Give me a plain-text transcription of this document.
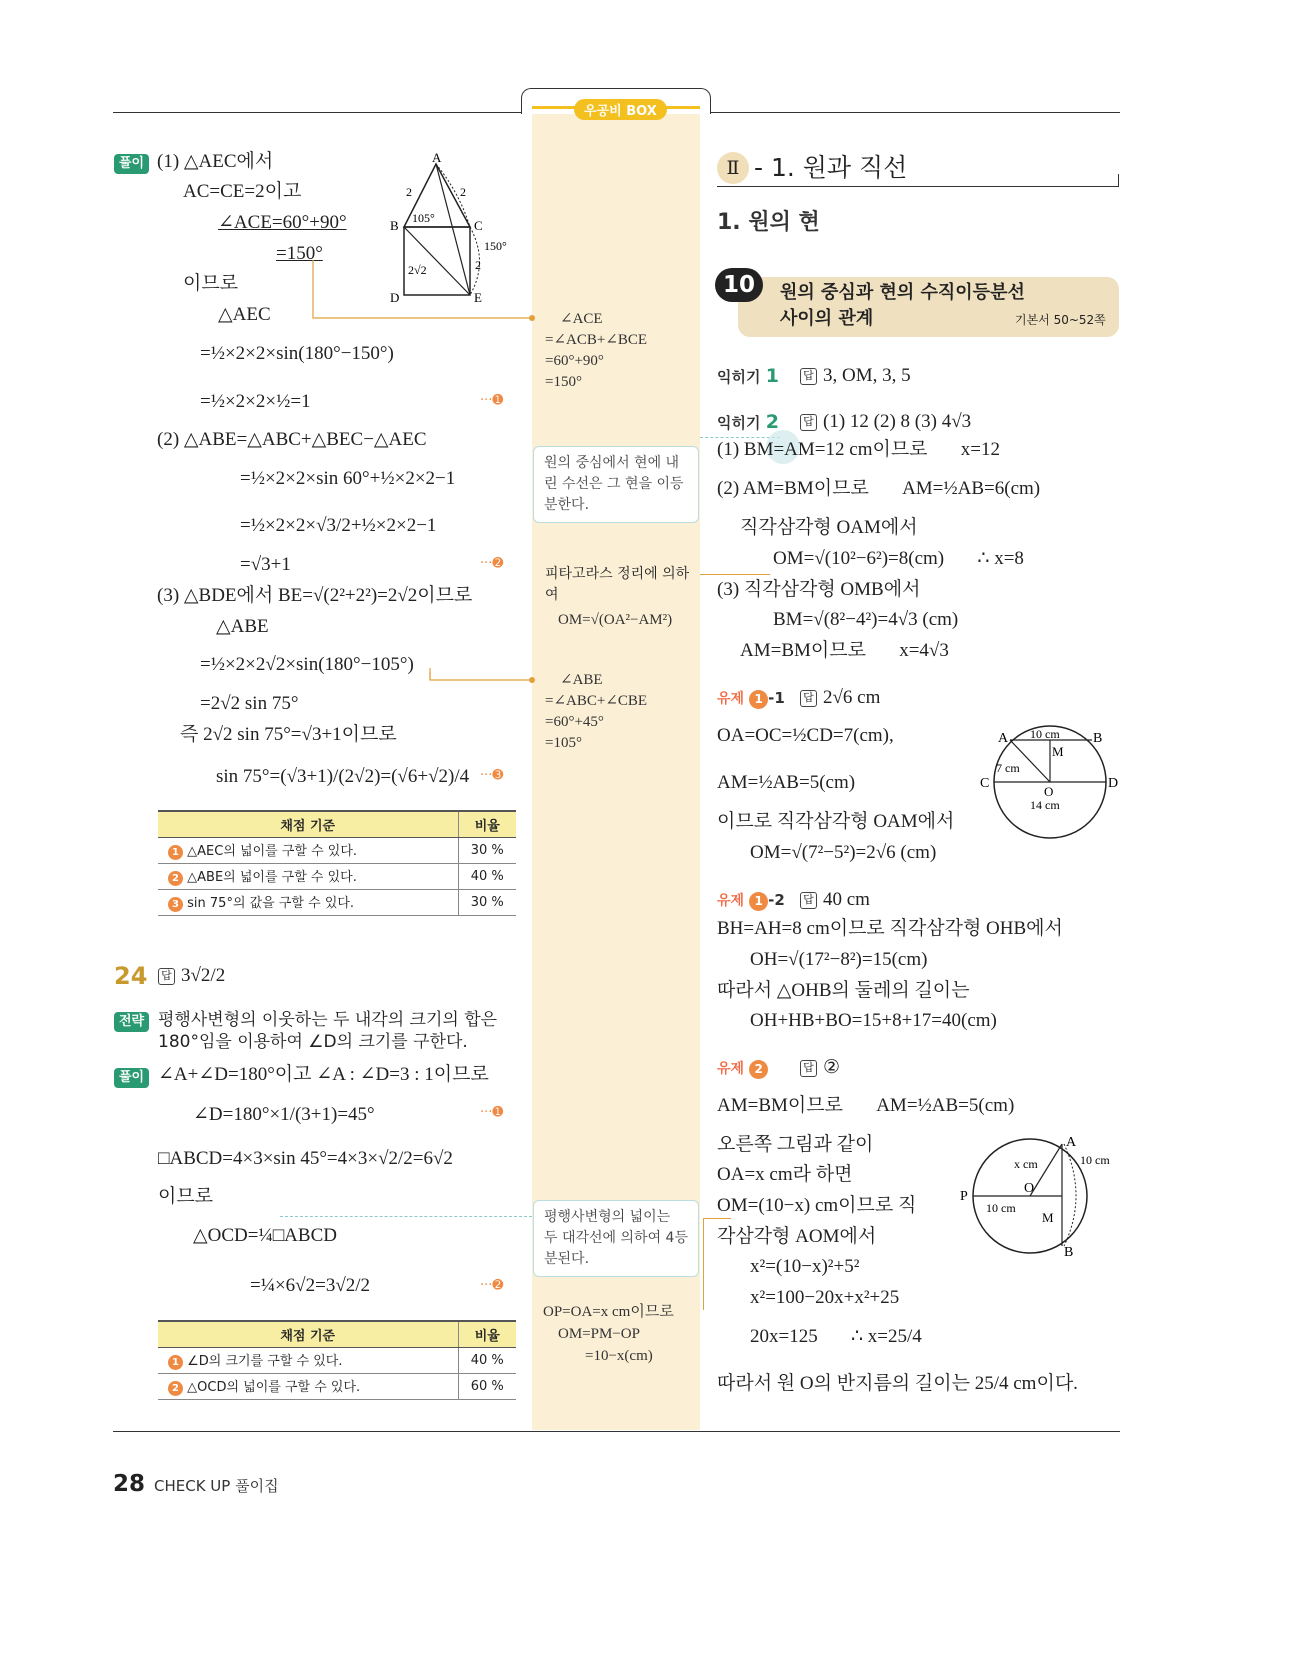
우공비 BOX
풀이 (1) △AEC에서
AC=CE=2이고
∠ACE=60°+90°
=150°
이므로
△AEC
=½×2×2×sin(180°−150°)
=½×2×2×½=1	···➊
A
B	C
D	E
2	2
2
105°
150°
2√2
(2) △ABE=△ABC+△BEC−△AEC
=½×2×2×sin 60°+½×2×2−1
=½×2×2×√3/2+½×2×2−1
=√3+1	···➋
(3) △BDE에서 BE=√(2²+2²)=2√2이므로
△ABE
=½×2×2√2×sin(180°−105°)
=2√2 sin 75°
즉 2√2 sin 75°=√3+1이므로
sin 75°=(√3+1)/(2√2)=(√6+√2)/4 ···➌
채점 기준	비율
1 △AEC의 넓이를 구할 수 있다.	30 %
2 △ABE의 넓이를 구할 수 있다.	40 %
3 sin 75°의 값을 구할 수 있다.	30 %
24 답 3√2/2
전략 평행사변형의 이웃하는 두 내각의 크기의 합은 180°임을 이용하여 ∠D의 크기를 구한다.
풀이 ∠A+∠D=180°이고 ∠A : ∠D=3 : 1이므로
∠D=180°×1/(3+1)=45°	···➊
□ABCD=4×3×sin 45°=4×3×√2/2=6√2
이므로
△OCD=¼□ABCD
=¼×6√2=3√2/2	···➋
채점 기준	비율
1 ∠D의 크기를 구할 수 있다.	40 %
2 △OCD의 넓이를 구할 수 있다.	60 %
∠ACE
=∠ACB+∠BCE
=60°+90°
=150°
원의 중심에서 현에 내린 수선은 그 현을 이등분한다.
피타고라스 정리에 의하여
OM=√(OA²−AM²)
∠ABE
=∠ABC+∠CBE
=60°+45°
=105°
평행사변형의 넓이는 두 대각선에 의하여 4등분된다.
OP=OA=x cm이므로
OM=PM−OP
=10−x(cm)
Ⅱ - 1. 원과 직선
1. 원의 현
10	원의 중심과 현의 수직이등분선
사이의 관계	기본서 50~52쪽
익히기 1 답 3, OM, 3, 5
익히기 2 답 (1) 12 (2) 8 (3) 4√3
(1) BM=AM=12 cm이므로       x=12
(2) AM=BM이므로       AM=½AB=6(cm)
직각삼각형 OAM에서
OM=√(10²−6²)=8(cm)       ∴ x=8
(3) 직각삼각형 OMB에서
BM=√(8²−4²)=4√3 (cm)
AM=BM이므로       x=4√3
유제 1 -1 답 2√6 cm
OA=OC=½CD=7(cm),
AM=½AB=5(cm)
이므로 직각삼각형 OAM에서
OM=√(7²−5²)=2√6 (cm)
A	B
C	D
M
O
10 cm
7 cm
14 cm
유제 1 -2 답 40 cm
BH=AH=8 cm이므로 직각삼각형 OHB에서
OH=√(17²−8²)=15(cm)
따라서 △OHB의 둘레의 길이는
OH+HB+BO=15+8+17=40(cm)
유제 2	답 ②
AM=BM이므로       AM=½AB=5(cm)
오른쪽 그림과 같이
OA=x cm라 하면
OM=(10−x) cm이므로 직
각삼각형 AOM에서
x²=(10−x)²+5²
x²=100−20x+x²+25
20x=125       ∴ x=25/4
따라서 원 O의 반지름의 길이는 25/4 cm이다.
A
B
P
O
M
x cm	10 cm
10 cm
28 CHECK UP 풀이집
